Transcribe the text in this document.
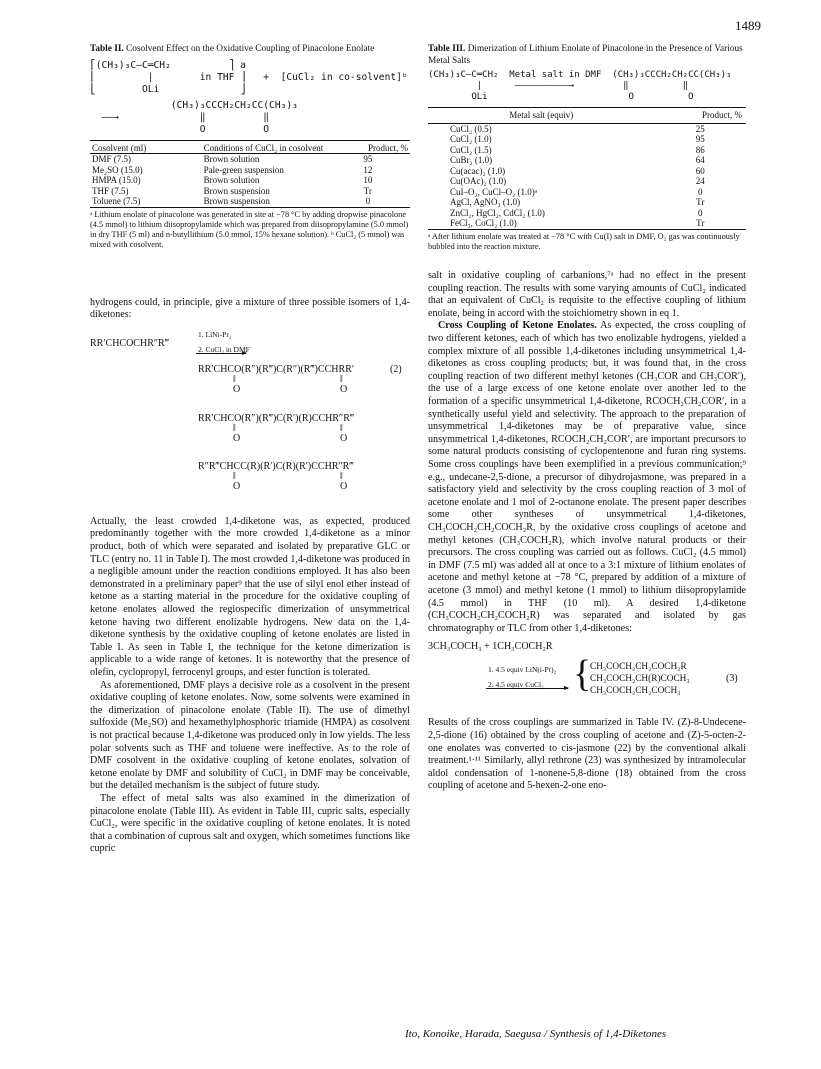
1489

Table II. Cosolvent Effect on the Oxidative Coupling of Pinacolone Enolate

⎡(CH₃)₃C—C═CH₂          ⎤ a
⎢         |        in THF ⎥   +  [CuCl₂ in co-solvent]ᵇ
⎣        OLi              ⎦
(CH₃)₃CCCH₂CH₂CC(CH₃)₃
——→              ‖          ‖
O          O
Cosolvent (ml)	Conditions of CuCl₂ in cosolvent	Product, %
DMF (7.5)	Brown solution	95
Me₂SO (15.0)	Pale-green suspension	12
HMPA (15.0)	Brown solution	10
THF (7.5)	Brown suspension	Tr
Toluene (7.5)	Brown suspension	0

ᵃ Lithium enolate of pinacolone was generated in site at −78 °C by adding dropwise pinacolone (4.5 mmol) to lithium diisopropylamide which was prepared from diisopropylamine (5.0 mmol) in dry THF (5 ml) and n-butyllithium (5.0 mmol, 15% hexane solution). ᵇ CuCl₂ (5 mmol) was mixed with cosolvent.

hydrogens could, in principle, give a mixture of three possible isomers of 1,4-diketones:

RR′CHCOCHR″R‴
1. LiNi-Pr₂
2. CuCl₂ in DMF
RR′CHCO(R″)(R‴)C(R″)(R‴)CCHRR′	(2)
‖
O
‖
O
RR′CHCO(R″)(R‴)C(R′)(R)CCHR″R‴
‖
O
‖
O
R″R‴CHCC(R)(R′)C(R)(R′)CCHR″R‴
‖
O
‖
O

Actually, the least crowded 1,4-diketone was, as expected, produced predominantly together with the more crowded 1,4-diketone as a minor product, both of which were separated and isolated by preparative GLC or TLC (entry no. 11 in Table I). The most crowded 1,4-diketone was produced in a negligible amount under the reaction conditions employed. It has also been demonstrated in a preliminary paper⁹ that the use of silyl enol ether instead of ketone as a starting material in the procedure for the oxidative coupling of ketone enolates allowed the regiospecific dimerization of unsymmetrical ketone having two different enolizable hydrogens. New data on the 1,4-diketone synthesis by the oxidative coupling of ketone enolates are listed in Table I. As seen in Table I, the technique for the ketone dimerization is applicable to a wide range of ketones. It is noteworthy that the presence of olefin, cyclopropyl, ferrocenyl groups, and ester function is tolerated.

As aforementioned, DMF plays a decisive role as a cosolvent in the present oxidative coupling of ketone enolates. Now, some solvents were examined in the dimerization of pinacolone enolate (Table II). The use of dimethyl sulfoxide (Me₂SO) and hexamethylphosphoric triamide (HMPA) as cosolvent is not practical because 1,4-diketone was produced only in low yields. The less polar solvents such as THF and toluene were ineffective. As to the role of DMF cosolvent in the oxidative coupling of ketone enolates, solvation of ketone enolate by DMF and solubility of CuCl₂ in DMF may be conceivable, but the detailed mechanism is the subject of future study.

The effect of metal salts was also examined in the dimerization of pinacolone enolate (Table III). As evident in Table III, cupric salts, especially CuCl₂, were specific in the oxidative coupling of ketone enolates. It is noted that a combination of cuprous salt and oxygen, which sometimes functions like cupric

Table III. Dimerization of Lithium Enolate of Pinacolone in the Presence of Various Metal Salts

(CH₃)₃C—C═CH₂  Metal salt in DMF  (CH₃)₃CCCH₂CH₂CC(CH₃)₃
|      ——————————→         ‖          ‖
OLi                          O          O
Metal salt (equiv)	Product, %
CuCl₂ (0.5)	25
CuCl₂ (1.0)	95
CuCl₂ (1.5)	86
CuBr₂ (1.0)	64
Cu(acac)₂ (1.0)	60
Cu(OAc)₂ (1.0)	24
CuI–O₂, CuCl–O₂ (1.0)ᵃ	0
AgCl, AgNO₃ (1.0)	Tr
ZnCl₂, HgCl₂, CdCl₂ (1.0)	0
FeCl₃, CoCl₂ (1.0)	Tr

ᵃ After lithium enolate was treated at −78 °C with Cu(I) salt in DMF, O₂ gas was continuously bubbled into the reaction mixture.

salt in oxidative coupling of carbanions,⁷ᵃ had no effect in the present coupling reaction. The results with some varying amounts of CuCl₂ indicated that an equivalent of CuCl₂ is requisite to the effective coupling of lithium enolate, being in accord with the stoichiometry shown in eq 1.

Cross Coupling of Ketone Enolates. As expected, the cross coupling of two different ketones, each of which has two enolizable hydrogens, yielded a complex mixture of all possible 1,4-diketones including unsymmetrical 1,4-diketones as cross coupling products; but, it was found that, in the cross coupling reaction of two different methyl ketones (CH₃COR and CH₃COR′), the use of a large excess of one ketone enolate over another led to the formation of a specific unsymmetrical 1,4-diketone, RCOCH₂CH₂COR′, in a synthetically useful yield and selectivity. The approach to the preparation of unsymmetrical 1,4-diketones may be of preparative value, since unsymmetrical 1,4-diketones, RCOCH₂CH₂COR′, are important precursors to some natural products consisting of cyclopentenone and furan ring systems. Some cross couplings have been exemplified in a previous communication;⁹ e.g., undecane-2,5-dione, a precursor of dihydrojasmone, was prepared in a satisfactory yield and selectivity by the cross coupling reaction of 3 mol of acetone enolate and 1 mol of 2-octanone enolate. The present paper describes some other syntheses of unsymmetrical 1,4-diketones, CH₃COCH₂CH₂COCH₂R, by the oxidative cross couplings of acetone and methyl ketones (CH₃COCH₂R), which involve natural products or their precursors. The cross coupling was carried out as follows. CuCl₂ (4.5 mmol) in DMF (7.5 ml) was added all at once to a 3:1 mixture of lithium enolates of acetone and methyl ketone at −78 °C, prepared by addition of a mixture of acetone (3 mmol) and methyl ketone (1 mmol) to lithium diisopropylamide (4.5 mmol) in THF (10 ml). A desired 1,4-diketone (CH₃COCH₂CH₂COCH₂R) was separated and isolated by gas chromatography or TLC from other 1,4-diketones:

3CH₃COCH₃ + 1CH₃COCH₂R
1. 4.5 equiv LiN(i-Pr)₂
2. 4.5 equiv CuCl₂ {
CH₃COCH₂CH₂COCH₂R
CH₃COCH₂CH(R)COCH₃
CH₃COCH₂CH₂COCH₃
(3)

Results of the cross couplings are summarized in Table IV. (Z)-8-Undecene-2,5-dione (16) obtained by the cross coupling of acetone and (Z)-5-octen-2-one enolates was converted to cis-jasmone (22) by the conventional alkali treatment.¹·¹¹ Similarly, allyl rethrone (23) was synthesized by intramolecular aldol condensation of 1-nonene-5,8-dione (18) obtained from the cross coupling of acetone and 5-hexen-2-one eno-

Ito, Konoike, Harada, Saegusa / Synthesis of 1,4-Diketones
